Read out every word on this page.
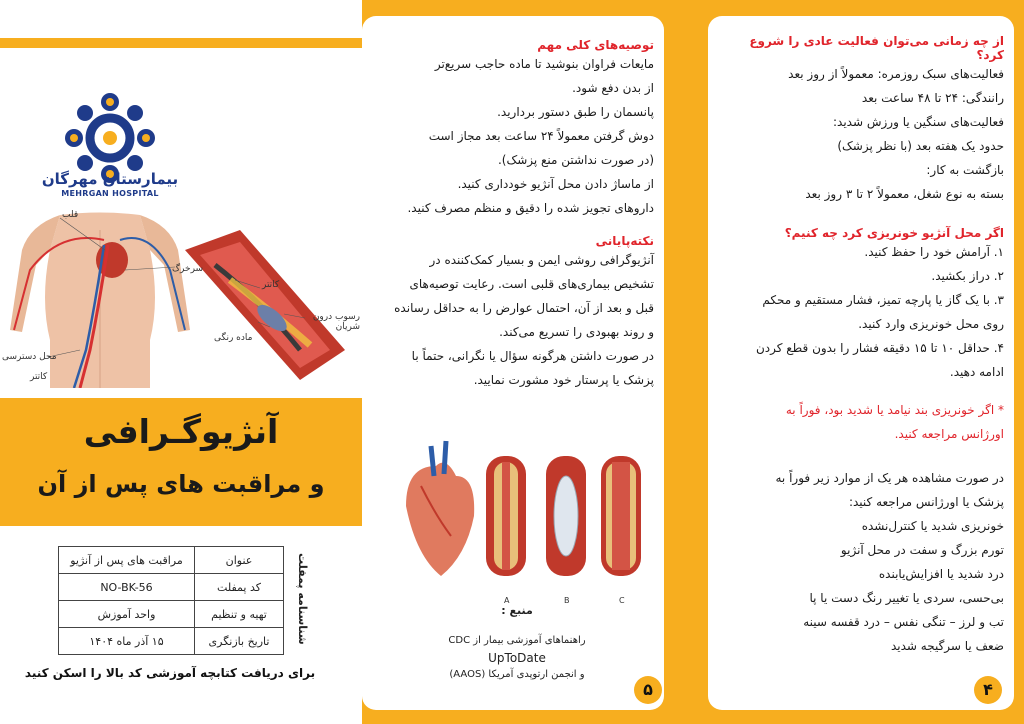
بیمارستان مهرگان
MEHRGAN HOSPITAL
قلب
سرخرگ
محل دسترسی
کاتتر
کاتتر
رسوب درون شریان
ماده رنگی
آنژیوگـرافی
و مراقبت های پس از آن
عنوان	مراقبت های پس از آنژیو
کد پمفلت	NO-BK-56
تهیه و تنظیم	واحد آموزش
تاریخ بازنگری	۱۵ آذر ماه ۱۴۰۴	شناسنامه پمفلت
برای دریافت کتابچه آموزشی کد بالا را اسکن کنید
توصیه‌های کلی مهم

مایعات فراوان بنوشید تا ماده حاجب سریع‌تر

از بدن دفع شود.

پانسمان را طبق دستور بردارید.

دوش گرفتن معمولاً ۲۴ ساعت بعد مجاز است

(در صورت نداشتن منع پزشک).

از ماساژ دادن محل آنژیو خودداری کنید.

داروهای تجویز شده را دقیق و منظم مصرف کنید.

نکته‌پایانی

آنژیوگرافی روشی ایمن و بسیار کمک‌کننده در

تشخیص بیماری‌های قلبی است. رعایت توصیه‌های

قبل و بعد از آن، احتمال عوارض را به حداقل رسانده

و روند بهبودی را تسریع می‌کند.

در صورت داشتن هرگونه سؤال یا نگرانی، حتماً با

پزشک یا پرستار خود مشورت نمایید.

A	B	C
منبع :
راهنماهای آموزشی بیمار از CDC
UpToDate
و انجمن ارتوپدی آمریکا (AAOS)
۵
از چه زمانی می‌توان فعالیت عادی را شروع کرد؟

فعالیت‌های سبک روزمره: معمولاً از روز بعد

رانندگی: ۲۴ تا ۴۸ ساعت بعد

فعالیت‌های سنگین یا ورزش شدید:

حدود یک هفته بعد (با نظر پزشک)

بازگشت به کار:

بسته به نوع شغل، معمولاً ۲ تا ۳ روز بعد

اگر محل آنژیو خونریزی کرد چه کنیم؟

۱. آرامش خود را حفظ کنید.

۲. دراز بکشید.

۳. با یک گاز یا پارچه تمیز، فشار مستقیم و محکم

روی محل خونریزی وارد کنید.

۴. حداقل ۱۰ تا ۱۵ دقیقه فشار را بدون قطع کردن

ادامه دهید.

* اگر خونریزی بند نیامد یا شدید بود، فوراً به

اورژانس مراجعه کنید.

در صورت مشاهده هر یک از موارد زیر فوراً به

پزشک یا اورژانس مراجعه کنید:

خونریزی شدید یا کنترل‌نشده

تورم بزرگ و سفت در محل آنژیو

درد شدید یا افزایش‌یابنده

بی‌حسی، سردی یا تغییر رنگ دست یا پا

تب و لرز – تنگی نفس – درد قفسه سینه

ضعف یا سرگیجه شدید

۴
